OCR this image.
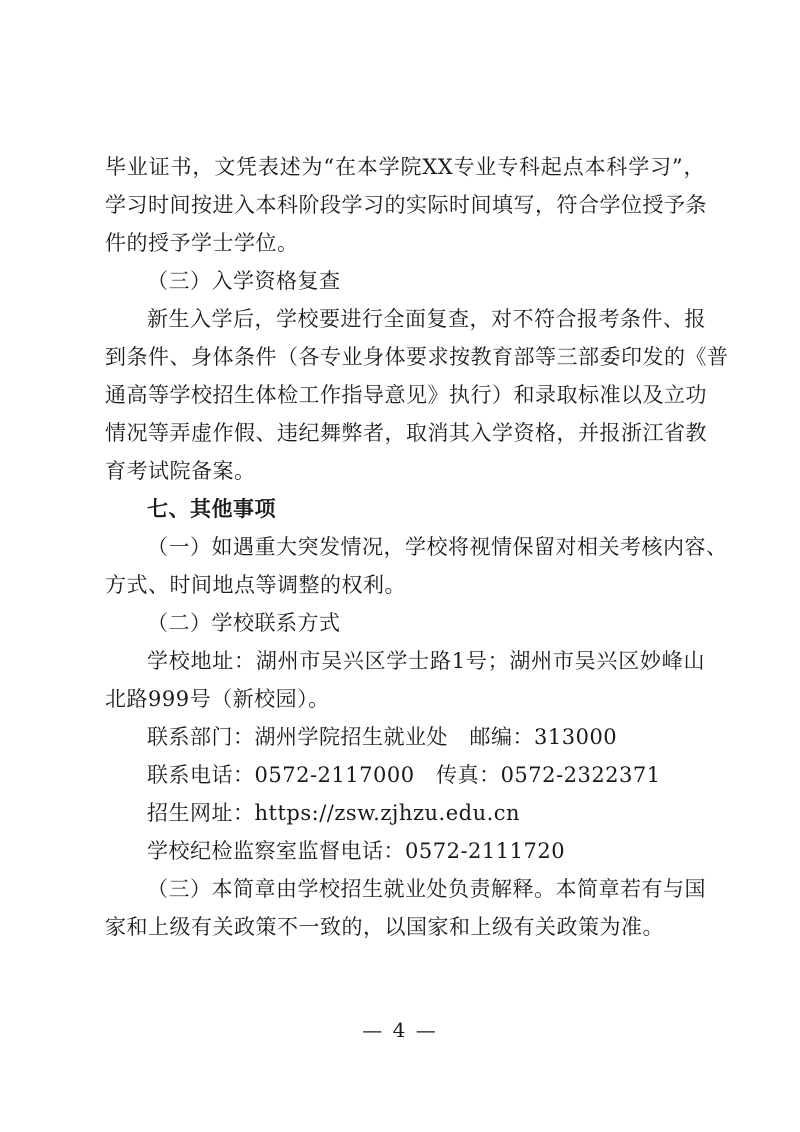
毕业证书，文凭表述为“在本学院XX专业专科起点本科学习”，
学习时间按进入本科阶段学习的实际时间填写，符合学位授予条
件的授予学士学位。
（三）入学资格复查
新生入学后，学校要进行全面复查，对不符合报考条件、报
到条件、身体条件（各专业身体要求按教育部等三部委印发的《普
通高等学校招生体检工作指导意见》执行）和录取标准以及立功
情况等弄虚作假、违纪舞弊者，取消其入学资格，并报浙江省教
育考试院备案。
七、其他事项
（一）如遇重大突发情况，学校将视情保留对相关考核内容、
方式、时间地点等调整的权利。
（二）学校联系方式
学校地址：湖州市吴兴区学士路1号；湖州市吴兴区妙峰山
北路999号（新校园）。
联系部门：湖州学院招生就业处　邮编：313000
联系电话：0572-2117000　传真：0572-2322371
招生网址：https://zsw.zjhzu.edu.cn
学校纪检监察室监督电话：0572-2111720
（三）本简章由学校招生就业处负责解释。本简章若有与国
家和上级有关政策不一致的，以国家和上级有关政策为准。
— 4 —
